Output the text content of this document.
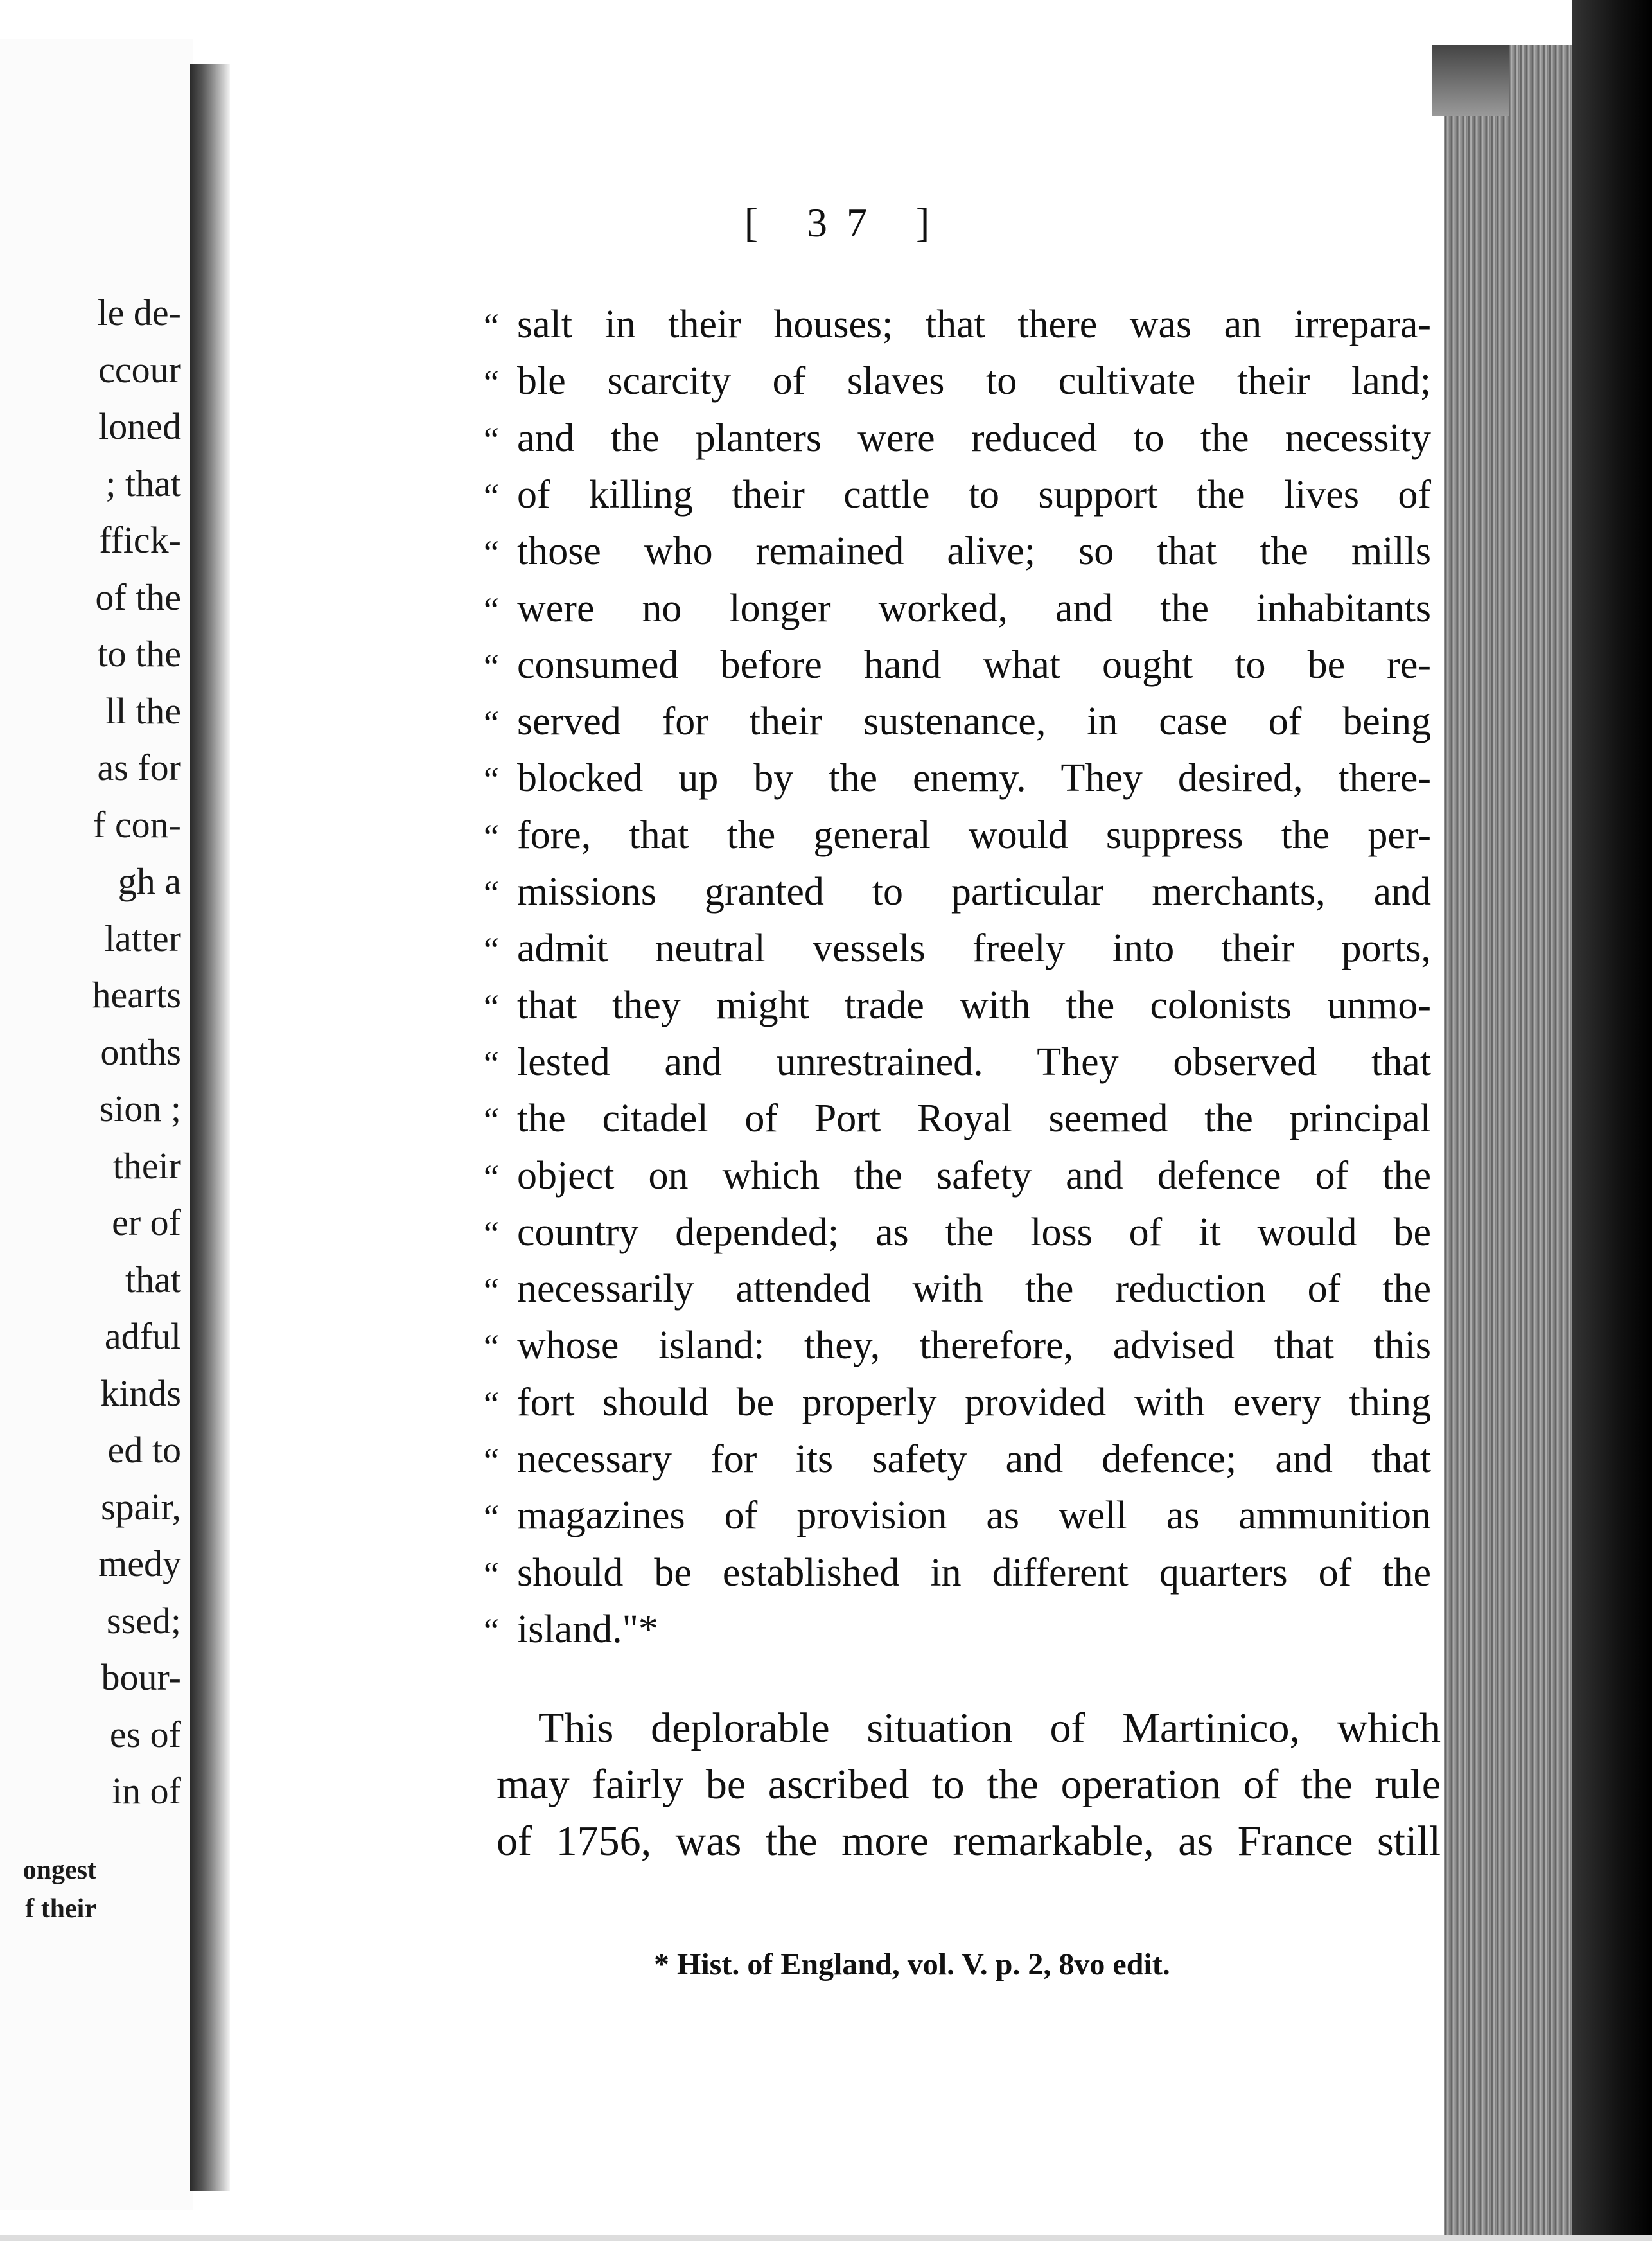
le de-
ccour
loned
; that
ffick-
of the
to the
ll the
as for
f con-
gh a
latter
hearts
onths
sion ;
their
er of
that
adful
kinds
ed to
spair,
medy
ssed;
bour-
es of
in of
ongest
f their
[ 37 ]
“ salt in their houses; that there was an irrepara-
“ ble scarcity of slaves to cultivate their land;
“ and the planters were reduced to the necessity
“ of killing their cattle to support the lives of
“ those who remained alive; so that the mills
“ were no longer worked, and the inhabitants
“ consumed before hand what ought to be re-
“ served for their sustenance, in case of being
“ blocked up by the enemy. They desired, there-
“ fore, that the general would suppress the per-
“ missions granted to particular merchants, and
“ admit neutral vessels freely into their ports,
“ that they might trade with the colonists unmo-
“ lested and unrestrained. They observed that
“ the citadel of Port Royal seemed the principal
“ object on which the safety and defence of the
“ country depended; as the loss of it would be
“ necessarily attended with the reduction of the
“ whose island: they, therefore, advised that this
“ fort should be properly provided with every thing
“ necessary for its safety and defence; and that
“ magazines of provision as well as ammunition
“ should be established in different quarters of the
“ island."*
This deplorable situation of Martinico, which
may fairly be ascribed to the operation of the rule
of 1756, was the more remarkable, as France still
* Hist. of England, vol. V. p. 2, 8vo edit.
